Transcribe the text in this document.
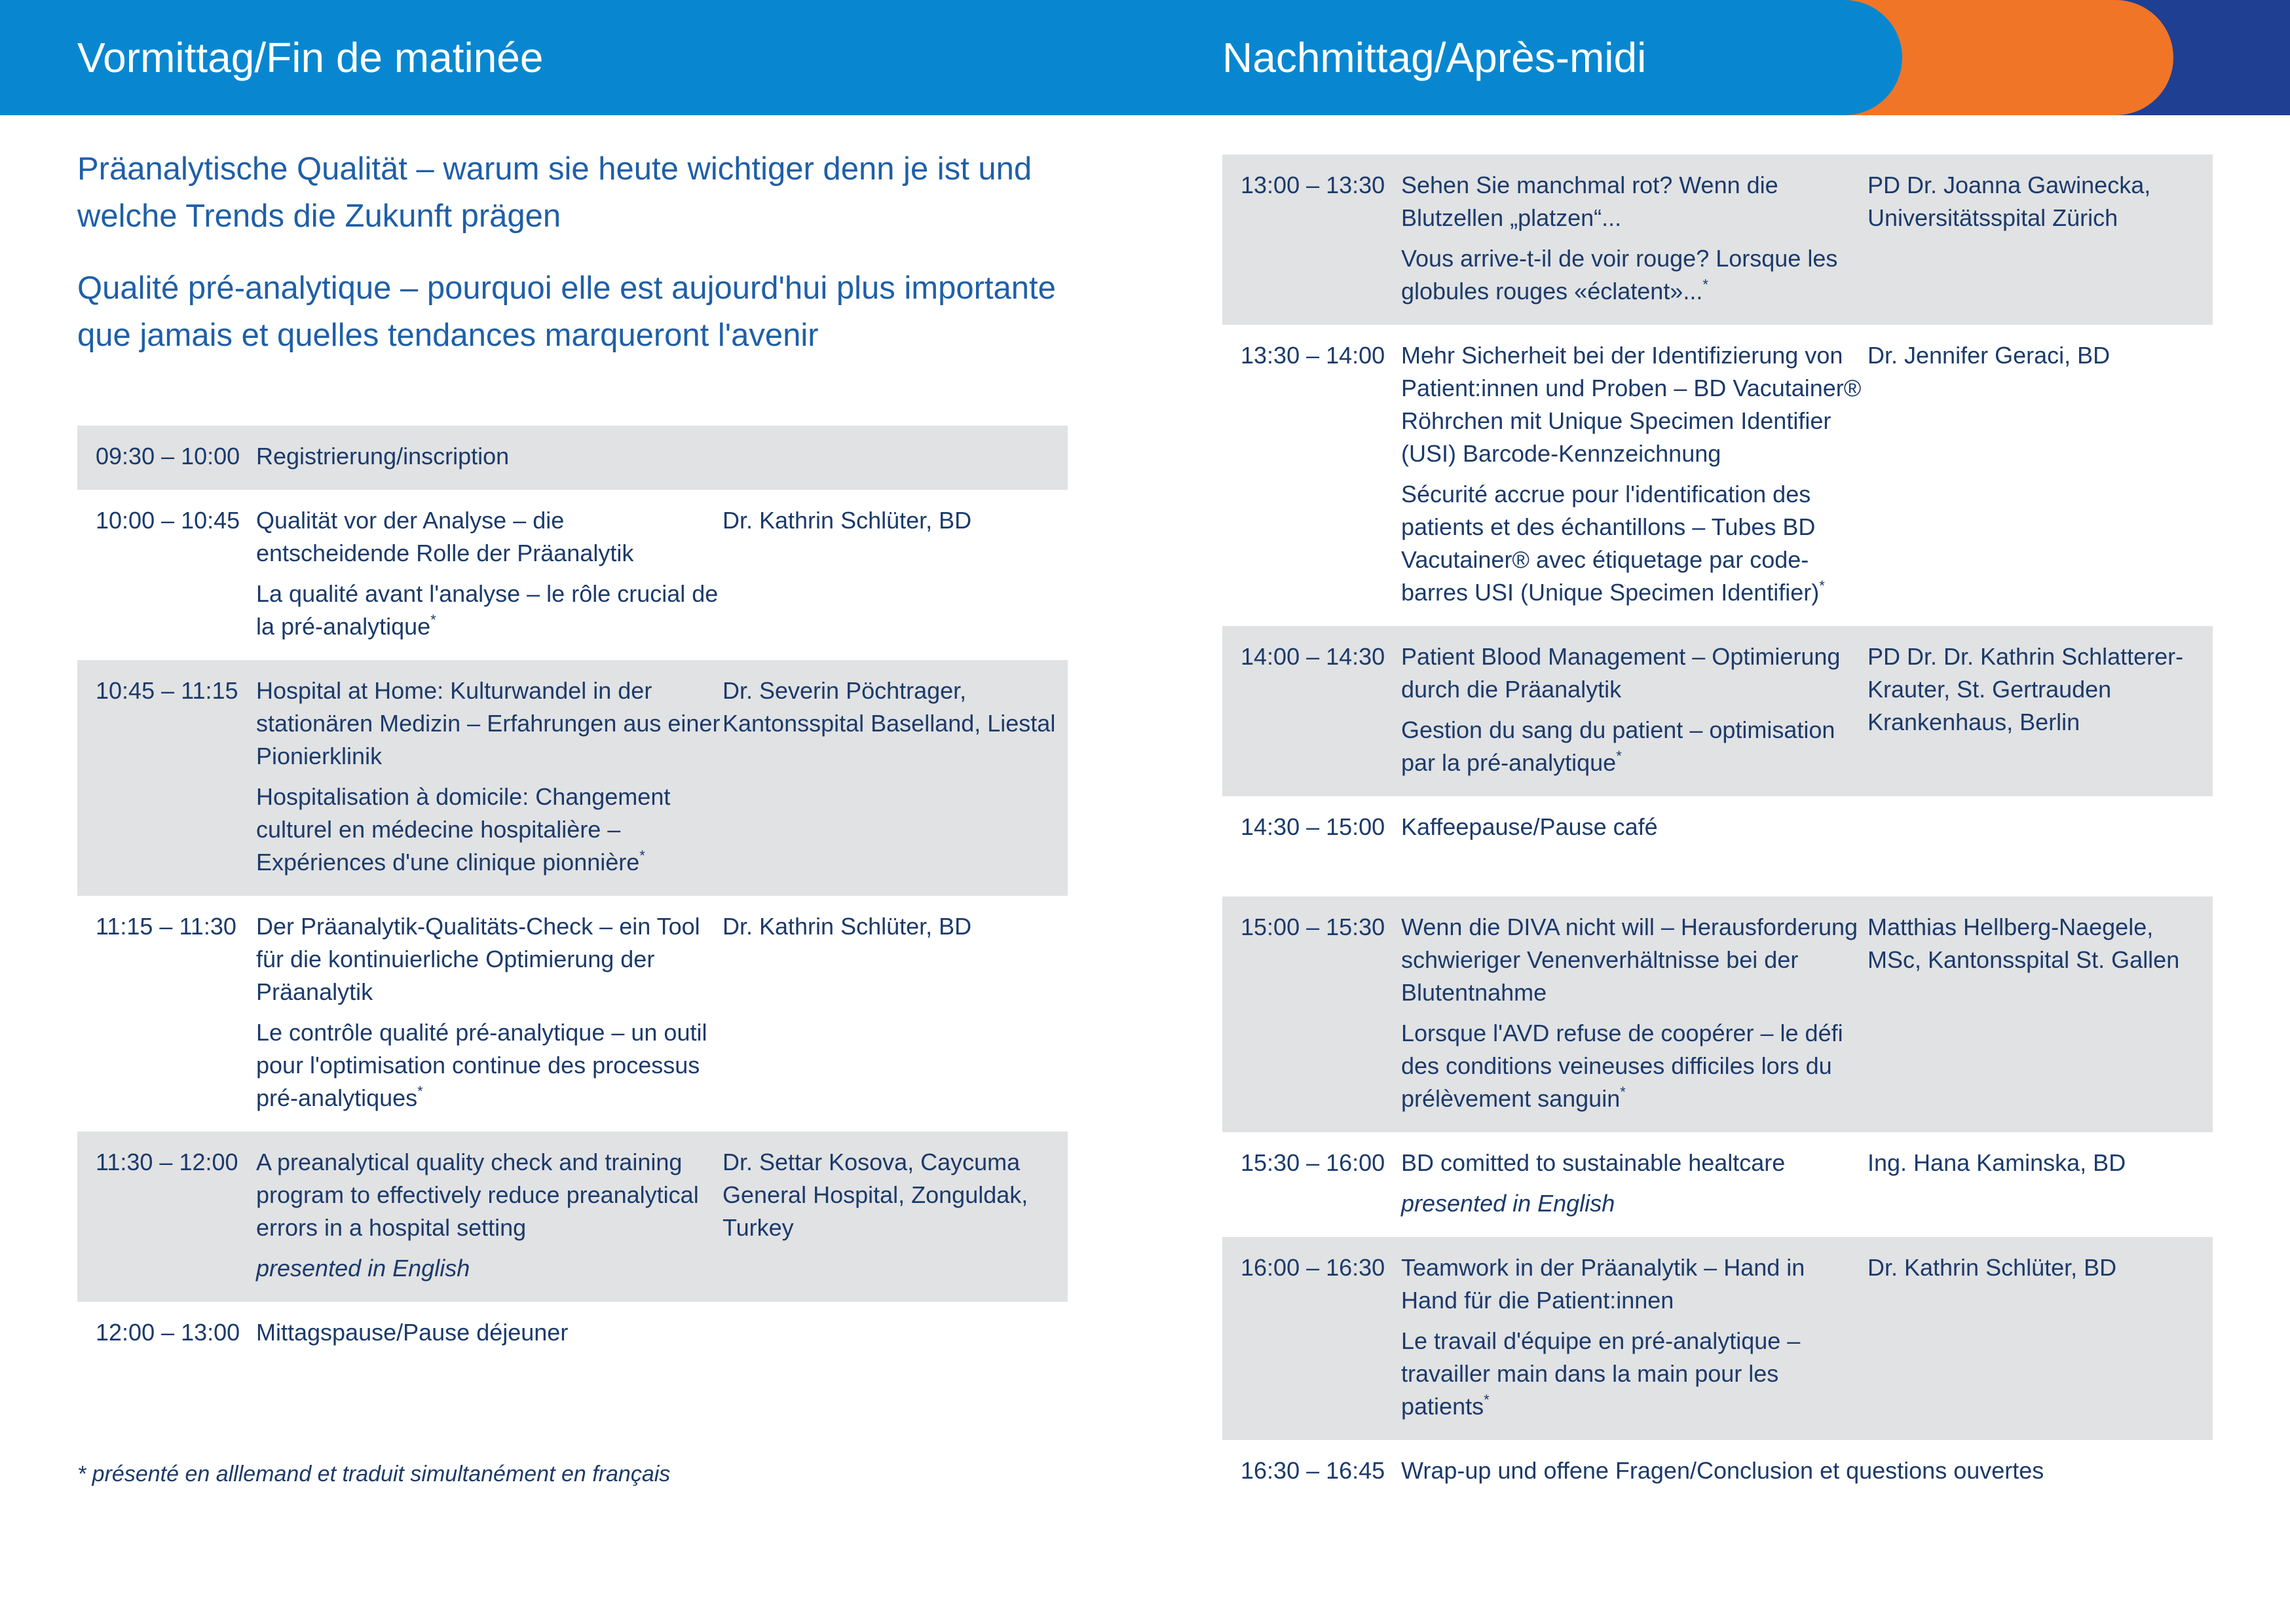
Vormittag/Fin de matinée	Nachmittag/Après-midi

Präanalytische Qualität – warum sie heute wichtiger denn je ist und welche Trends die Zukunft prägen

Qualité pré-analytique – pourquoi elle est aujourd'hui plus importante que jamais et quelles tendances marqueront l'avenir

09:30 – 10:00 Registrierung/inscription

10:00 – 10:45 Qualität vor der Analyse – die entscheidende Rolle der Präanalytik

La qualité avant l'analyse – le rôle crucial de la pré-analytique*

Dr. Kathrin Schlüter, BD
10:45 – 11:15 Hospital at Home: Kulturwandel in der stationären Medizin – Erfahrungen aus einer Pionierklinik

Hospitalisation à domicile: Changement culturel en médecine hospitalière – Expériences d'une clinique pionnière*

Dr. Severin Pöchtrager, Kantonsspital Baselland, Liestal
11:15 – 11:30 Der Präanalytik-Qualitäts-Check – ein Tool für die kontinuierliche Optimierung der Präanalytik

Le contrôle qualité pré-analytique – un outil pour l'optimisation continue des processus pré-analytiques*

Dr. Kathrin Schlüter, BD
11:30 – 12:00 A preanalytical quality check and training program to effectively reduce preanalytical errors in a hospital setting

presented in English

Dr. Settar Kosova, Caycuma General Hospital, Zonguldak, Turkey
12:00 – 13:00 Mittagspause/Pause déjeuner

* présenté en alllemand et traduit simultanément en français

13:00 – 13:30 Sehen Sie manchmal rot? Wenn die Blutzellen „platzen“...

Vous arrive-t-il de voir rouge? Lorsque les globules rouges «éclatent»...*

PD Dr. Joanna Gawinecka, Universitätsspital Zürich
13:30 – 14:00 Mehr Sicherheit bei der Identifizierung von Patient:innen und Proben – BD Vacutainer® Röhrchen mit Unique Specimen Identifier (USI) Barcode-Kennzeichnung

Sécurité accrue pour l'identification des patients et des échantillons – Tubes BD Vacutainer® avec étiquetage par code-barres USI (Unique Specimen Identifier)*

Dr. Jennifer Geraci, BD
14:00 – 14:30 Patient Blood Management – Optimierung durch die Präanalytik

Gestion du sang du patient – optimisation par la pré-analytique*

PD Dr. Dr. Kathrin Schlatterer-Krauter, St. Gertrauden Krankenhaus, Berlin
14:30 – 15:00 Kaffeepause/Pause café

15:00 – 15:30 Wenn die DIVA nicht will – Herausforderung schwieriger Venenverhältnisse bei der Blutentnahme

Lorsque l'AVD refuse de coopérer – le défi des conditions veineuses difficiles lors du prélèvement sanguin*

Matthias Hellberg-Naegele, MSc, Kantonsspital St. Gallen
15:30 – 16:00 BD comitted to sustainable healtcare

presented in English

Ing. Hana Kaminska, BD
16:00 – 16:30 Teamwork in der Präanalytik – Hand in Hand für die Patient:innen

Le travail d'équipe en pré-analytique – travailler main dans la main pour les patients*

Dr. Kathrin Schlüter, BD
16:30 – 16:45 Wrap-up und offene Fragen/Conclusion et questions ouvertes
